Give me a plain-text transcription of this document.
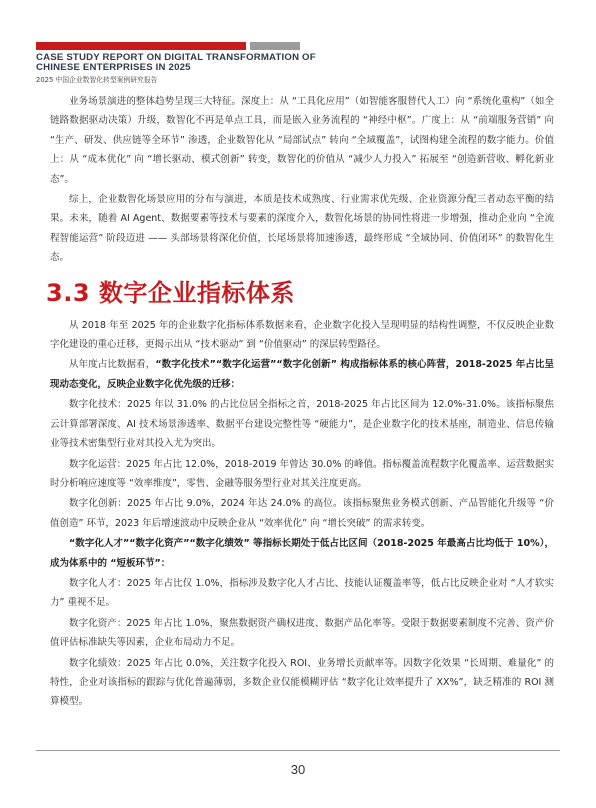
CASE STUDY REPORT ON DIGITAL TRANSFORMATION OF
CHINESE ENTERPRISES IN 2025
2025 中国企业数智化转型案例研究报告

业务场景演进的整体趋势呈现三大特征。深度上：从 “工具化应用”（如智能客服替代人工）向 “系统化重构”（如全链路数据驱动决策）升级，数智化不再是单点工具，而是嵌入业务流程的 “神经中枢”。广度上：从 “前端服务营销” 向 “生产、研发、供应链等全环节” 渗透，企业数智化从 “局部试点” 转向 “全域覆盖”，试图构建全流程的数字能力。价值上：从 “成本优化” 向 “增长驱动、模式创新” 转变，数智化的价值从 “减少人力投入” 拓展至 “创造新营收、孵化新业态”。

综上，企业数智化场景应用的分布与演进，本质是技术成熟度、行业需求优先级、企业资源分配三者动态平衡的结果。未来，随着 AI Agent、数据要素等技术与要素的深度介入，数智化场景的协同性将进一步增强，推动企业向 “全流程智能运营” 阶段迈进 —— 头部场景将深化价值，长尾场景将加速渗透，最终形成 “全域协同、价值闭环” 的数智化生态。

3.3 数字企业指标体系

从 2018 年至 2025 年的企业数字化指标体系数据来看，企业数字化投入呈现明显的结构性调整，不仅反映企业数字化建设的重心迁移，更揭示出从 “技术驱动” 到 “价值驱动” 的深层转型路径。

从年度占比数据看，“数字化技术”“数字化运营”“数字化创新” 构成指标体系的核心阵营，2018-2025 年占比呈现动态变化，反映企业数字化优先级的迁移：

数字化技术：2025 年以 31.0% 的占比位居全指标之首，2018-2025 年占比区间为 12.0%-31.0%。该指标聚焦云计算部署深度、AI 技术场景渗透率、数据平台建设完整性等 “硬能力”，是企业数字化的技术基座，制造业、信息传输业等技术密集型行业对其投入尤为突出。

数字化运营：2025 年占比 12.0%，2018-2019 年曾达 30.0% 的峰值。指标覆盖流程数字化覆盖率、运营数据实时分析响应速度等 “效率维度”，零售、金融等服务型行业对其关注度更高。

数字化创新：2025 年占比 9.0%，2024 年达 24.0% 的高位。该指标聚焦业务模式创新、产品智能化升级等 “价值创造” 环节，2023 年后增速波动中反映企业从 “效率优化” 向 “增长突破” 的需求转变。

“数字化人才”“数字化资产”“数字化绩效” 等指标长期处于低占比区间（2018-2025 年最高占比均低于 10%），成为体系中的 “短板环节”：

数字化人才：2025 年占比仅 1.0%，指标涉及数字化人才占比、技能认证覆盖率等，低占比反映企业对 “人才软实力” 重视不足。

数字化资产：2025 年占比 1.0%，聚焦数据资产确权进度、数据产品化率等。受限于数据要素制度不完善、资产价值评估标准缺失等因素，企业布局动力不足。

数字化绩效：2025 年占比 0.0%，关注数字化投入 ROI、业务增长贡献率等。因数字化效果 “长周期、难量化” 的特性，企业对该指标的跟踪与优化普遍薄弱，多数企业仅能模糊评估 “数字化让效率提升了 XX%”，缺乏精准的 ROI 测算模型。

30
